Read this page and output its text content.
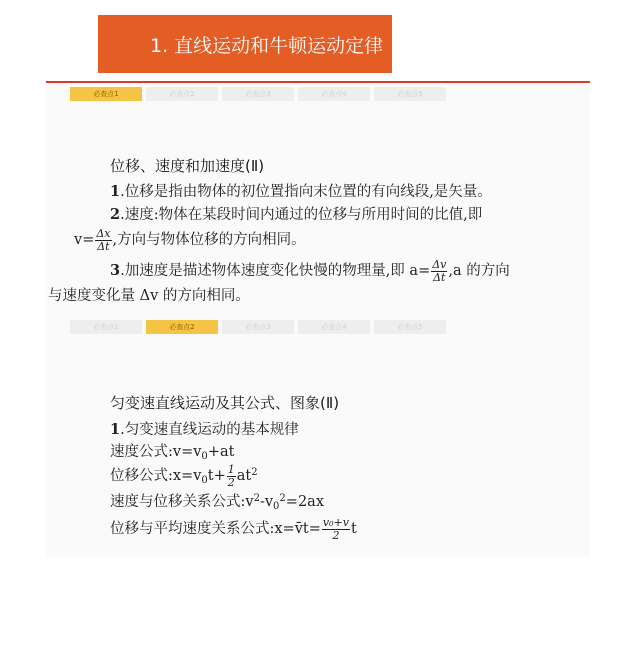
1. 直线运动和牛顿运动定律
必查点1	必查点2	必查点3	必查点4	必查点5
位移、速度和加速度(Ⅱ)
1.位移是指由物体的初位置指向末位置的有向线段,是矢量。
2.速度:物体在某段时间内通过的位移与所用时间的比值,即
$v= \frac{\Delta x}{\Delta t}$ ,方向与物体位移的方向相同。
3.加速度是描述物体速度变化快慢的物理量,即 $a= \frac{\Delta v}{\Delta t} ,a$ 的方向
与速度变化量 Δv 的方向相同。
必查点1	必查点2	必查点3	必查点4	必查点5
匀变速直线运动及其公式、图象(Ⅱ)
1.匀变速直线运动的基本规律
速度公式$:v=v_0+at$
位移公式$:x=v_0t+ \frac{1}{2} at^2$
速度与位移关系公式$:v^2-v_0^2=2ax$
位移与平均速度关系公式:x=v̄t= $\frac{\text{v₀+v}}{2}$ t
